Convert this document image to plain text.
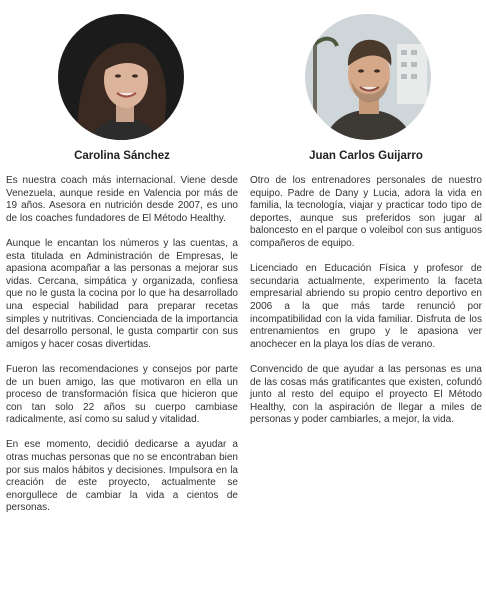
Carolina Sánchez

Es nuestra coach más internacional. Viene desde Venezuela, aunque reside en Valencia por más de 19 años. Asesora en nutrición desde 2007, es uno de los coaches fundadores de El Método Healthy.

Aunque le encantan los números y las cuentas, a esta titulada en Administración de Empresas, le apasiona acompañar a las personas a mejorar sus vidas. Cercana, simpática y organizada, confiesa que no le gusta la cocina por lo que ha desarrollado una especial habilidad para preparar recetas simples y nutritivas. Concienciada de la importancia del desarrollo personal, le gusta compartir con sus amigos y hacer cosas divertidas.

Fueron las recomendaciones y consejos por parte de un buen amigo, las que motivaron en ella un proceso de transformación física que hicieron que con tan solo 22 años su cuerpo cambiase radicalmente, así como su salud y vitalidad.

En ese momento, decidió dedicarse a ayudar a otras muchas personas que no se encontraban bien por sus malos hábitos y decisiones. Impulsora en la creación de este proyecto, actualmente se enorgullece de cambiar la vida a cientos de personas.

Juan Carlos Guijarro

Otro de los entrenadores personales de nuestro equipo. Padre de Dany y Lucia, adora la vida en familia, la tecnología, viajar y practicar todo tipo de deportes, aunque sus preferidos son jugar al baloncesto en el parque o voleibol con sus antiguos compañeros de equipo.

Licenciado en Educación Física y profesor de secundaria actualmente, experimento la faceta empresarial abriendo su propio centro deportivo en 2006 a la que más tarde renunció por incompatibilidad con la vida familiar. Disfruta de los entrenamientos en grupo y le apasiona ver anochecer en la playa los días de verano.

Convencido de que ayudar a las personas es una de las cosas más gratificantes que existen, cofundó junto al resto del equipo el proyecto El Método Healthy, con la aspiración de llegar a miles de personas y poder cambiarles, a mejor, la vida.
